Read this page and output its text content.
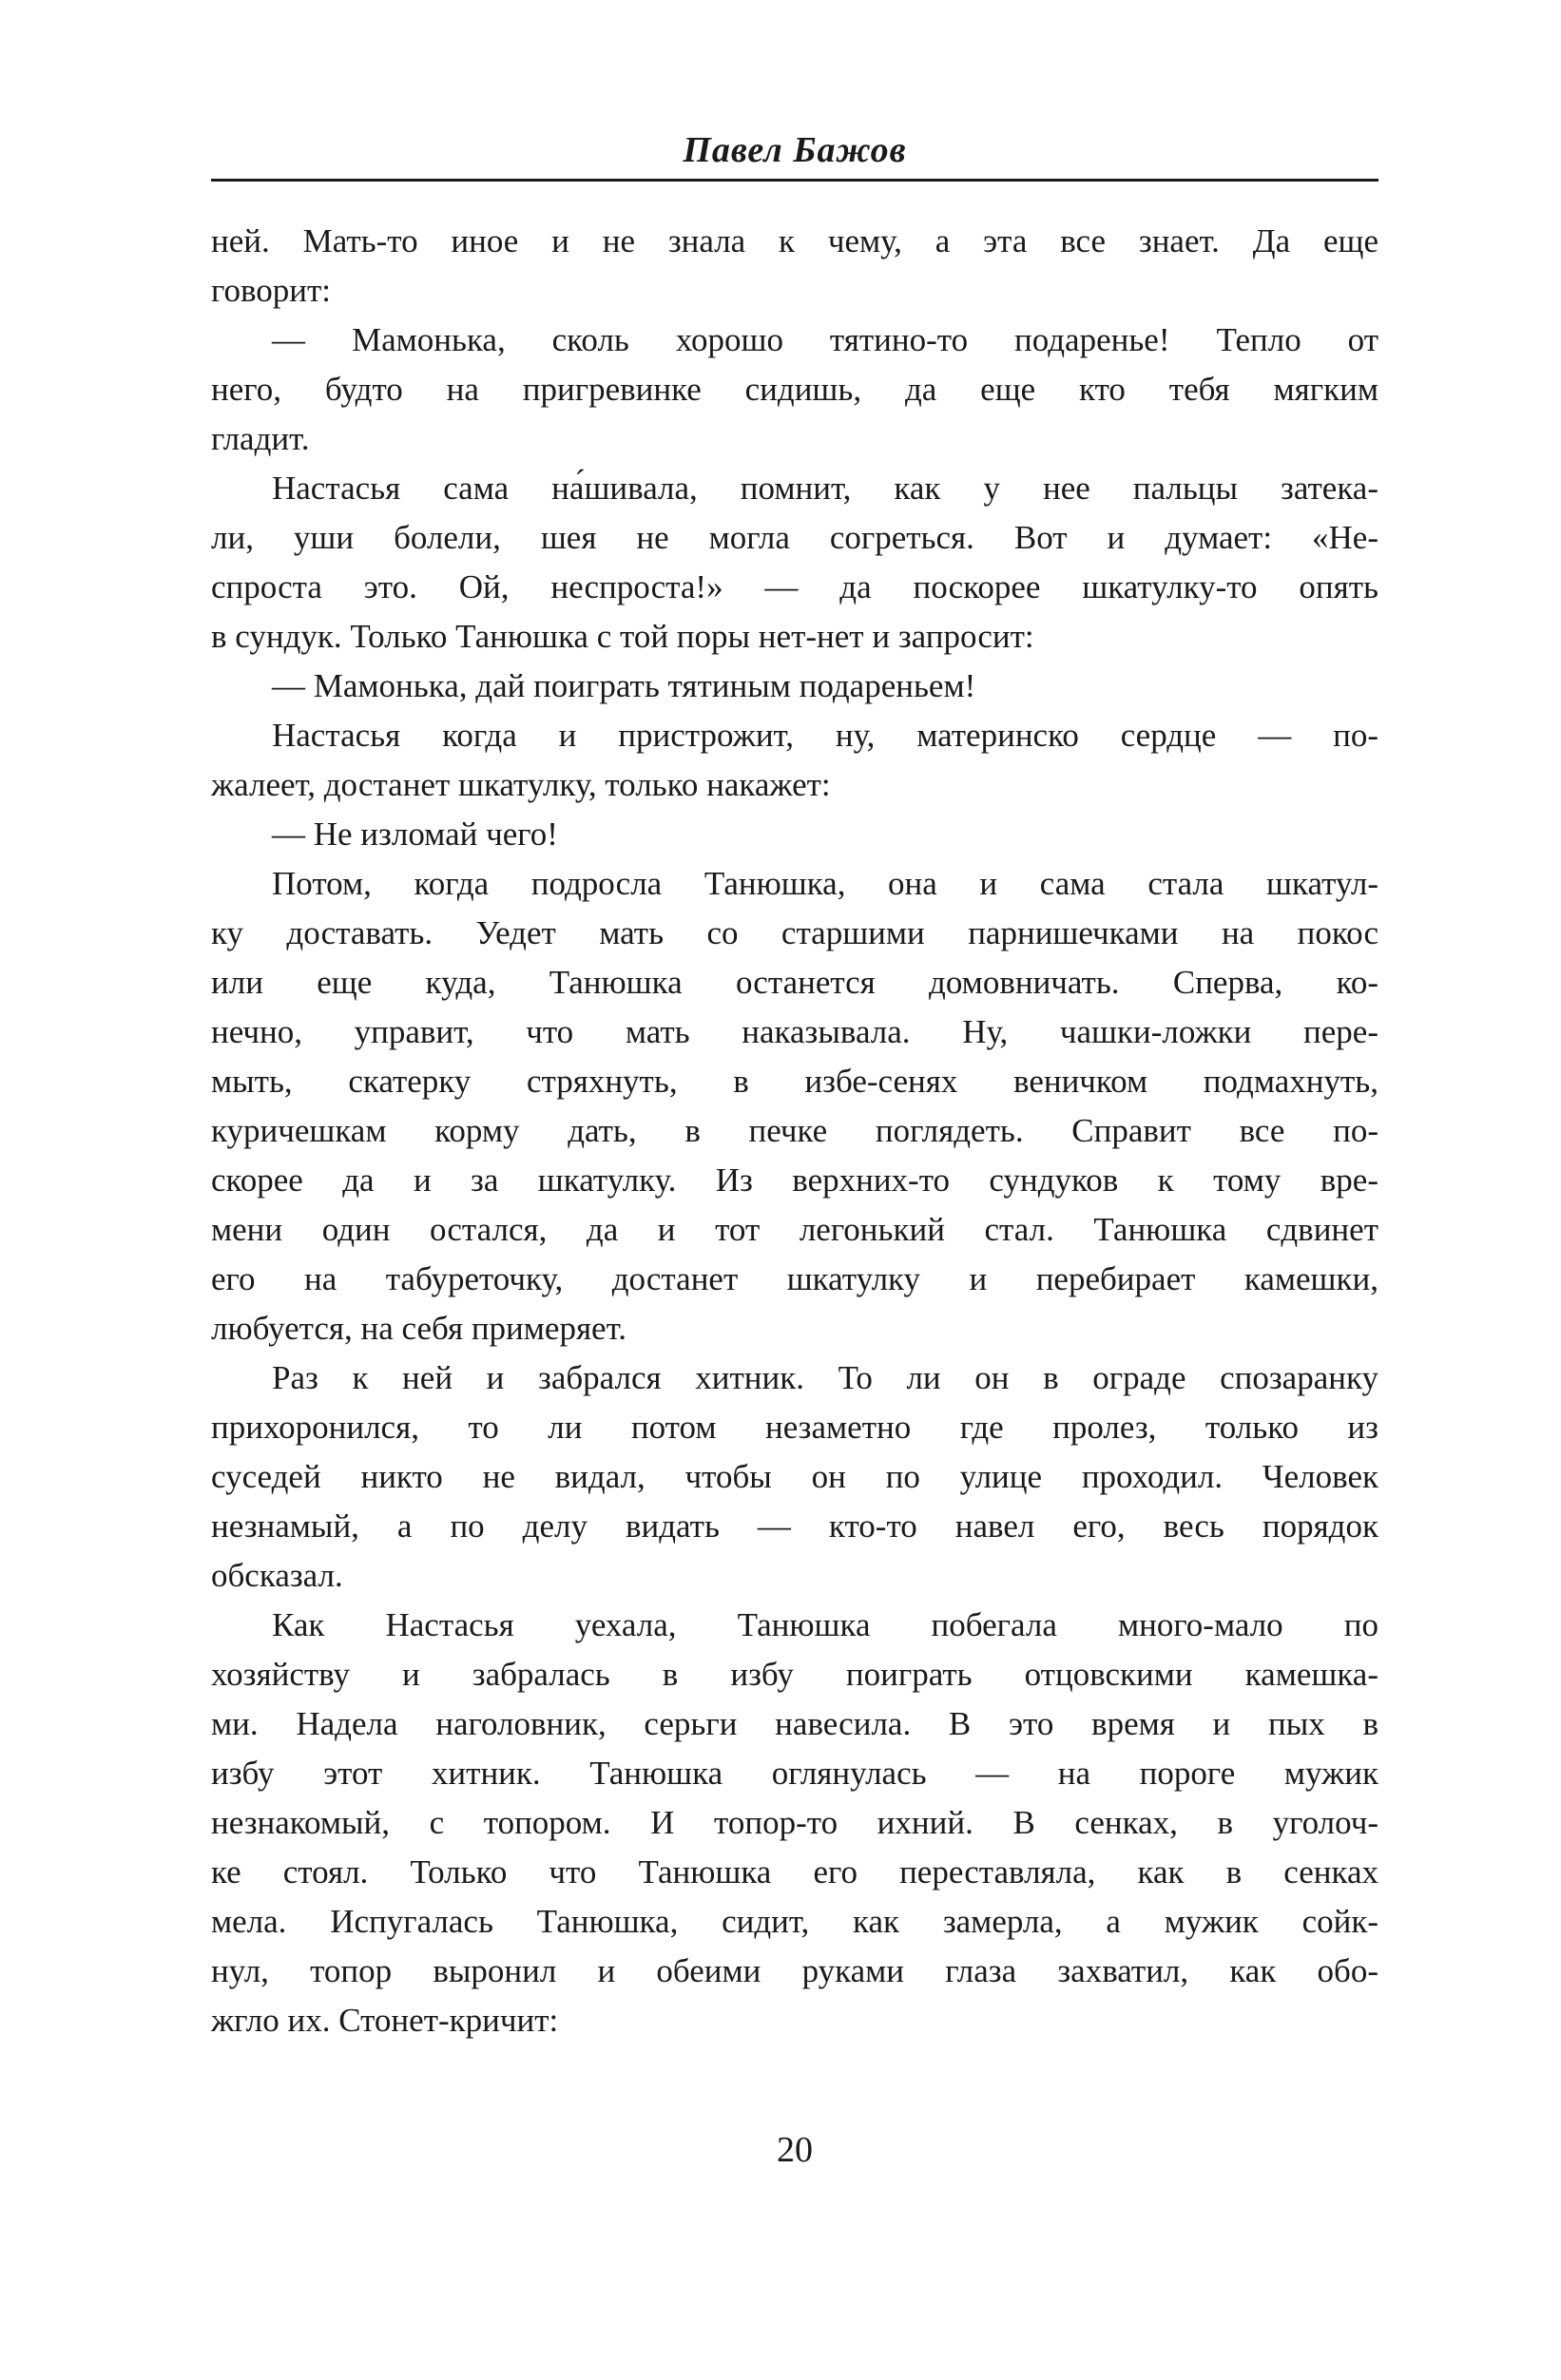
Павел Бажов
ней. Мать-то иное и не знала к чему, а эта все знает. Да еще
говорит:
— Мамонька, сколь хорошо тятино-то подаренье! Тепло от
него, будто на пригревинке сидишь, да еще кто тебя мягким
гладит.
Настасья сама на́шивала, помнит, как у нее пальцы затека-
ли, уши болели, шея не могла согреться. Вот и думает: «Не-
спроста это. Ой, неспроста!» — да поскорее шкатулку-то опять
в сундук. Только Танюшка с той поры нет-нет и запросит:
— Мамонька, дай поиграть тятиным подареньем!
Настасья когда и пристрожит, ну, материнско сердце — по-
жалеет, достанет шкатулку, только накажет:
— Не изломай чего!
Потом, когда подросла Танюшка, она и сама стала шкатул-
ку доставать. Уедет мать со старшими парнишечками на покос
или еще куда, Танюшка останется домовничать. Сперва, ко-
нечно, управит, что мать наказывала. Ну, чашки-ложки пере-
мыть, скатерку стряхнуть, в избе-сенях веничком подмахнуть,
куричешкам корму дать, в печке поглядеть. Справит все по-
скорее да и за шкатулку. Из верхних-то сундуков к тому вре-
мени один остался, да и тот легонький стал. Танюшка сдвинет
его на табуреточку, достанет шкатулку и перебирает камешки,
любуется, на себя примеряет.
Раз к ней и забрался хитник. То ли он в ограде спозаранку
прихоронился, то ли потом незаметно где пролез, только из
суседей никто не видал, чтобы он по улице проходил. Человек
незнамый, а по делу видать — кто-то навел его, весь порядок
обсказал.
Как Настасья уехала, Танюшка побегала много-мало по
хозяйству и забралась в избу поиграть отцовскими камешка-
ми. Надела наголовник, серьги навесила. В это время и пых в
избу этот хитник. Танюшка оглянулась — на пороге мужик
незнакомый, с топором. И топор-то ихний. В сенках, в уголоч-
ке стоял. Только что Танюшка его переставляла, как в сенках
мела. Испугалась Танюшка, сидит, как замерла, а мужик сойк-
нул, топор выронил и обеими руками глаза захватил, как обо-
жгло их. Стонет-кричит:
20
